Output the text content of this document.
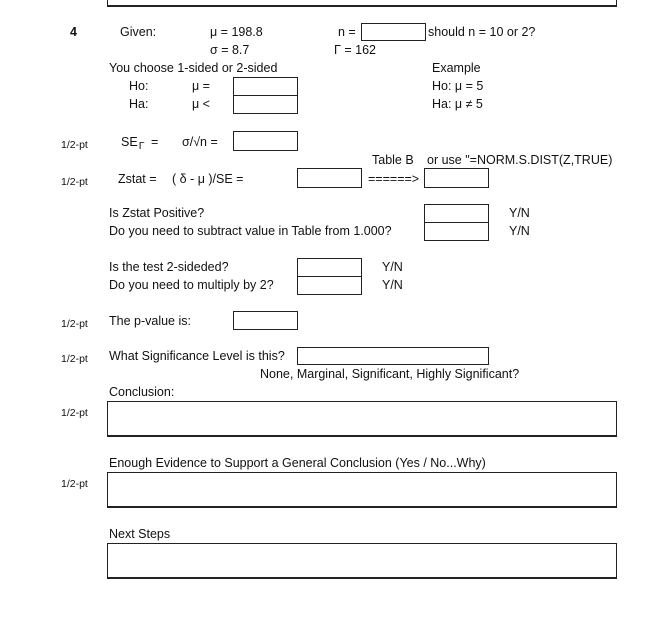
4	Given:	μ = 198.8
σ = 8.7
n =	should n = 10 or 2?
Γ = 162
You choose 1-sided or 2-sided	Example
Ho:	μ =	Ho: μ = 5
Ha:	μ <	Ha: μ ≠ 5
1/2-pt	$SE_\Gamma = \sigma/√n$ =
Table B or use "=NORM.S.DIST(Z,TRUE)
1/2-pt Zstat = ( δ - μ )/SE =	======>
Is Zstat Positive?	Y/N
Do you need to subtract value in Table from 1.000?	Y/N
Is the test 2-sideded?	Y/N
Do you need to multiply by 2?	Y/N
1/2-pt The p-value is:
1/2-pt What Significance Level is this?
None, Marginal, Significant, Highly Significant?
Conclusion:
1/2-pt
Enough Evidence to Support a General Conclusion (Yes / No...Why)
1/2-pt
Next Steps
